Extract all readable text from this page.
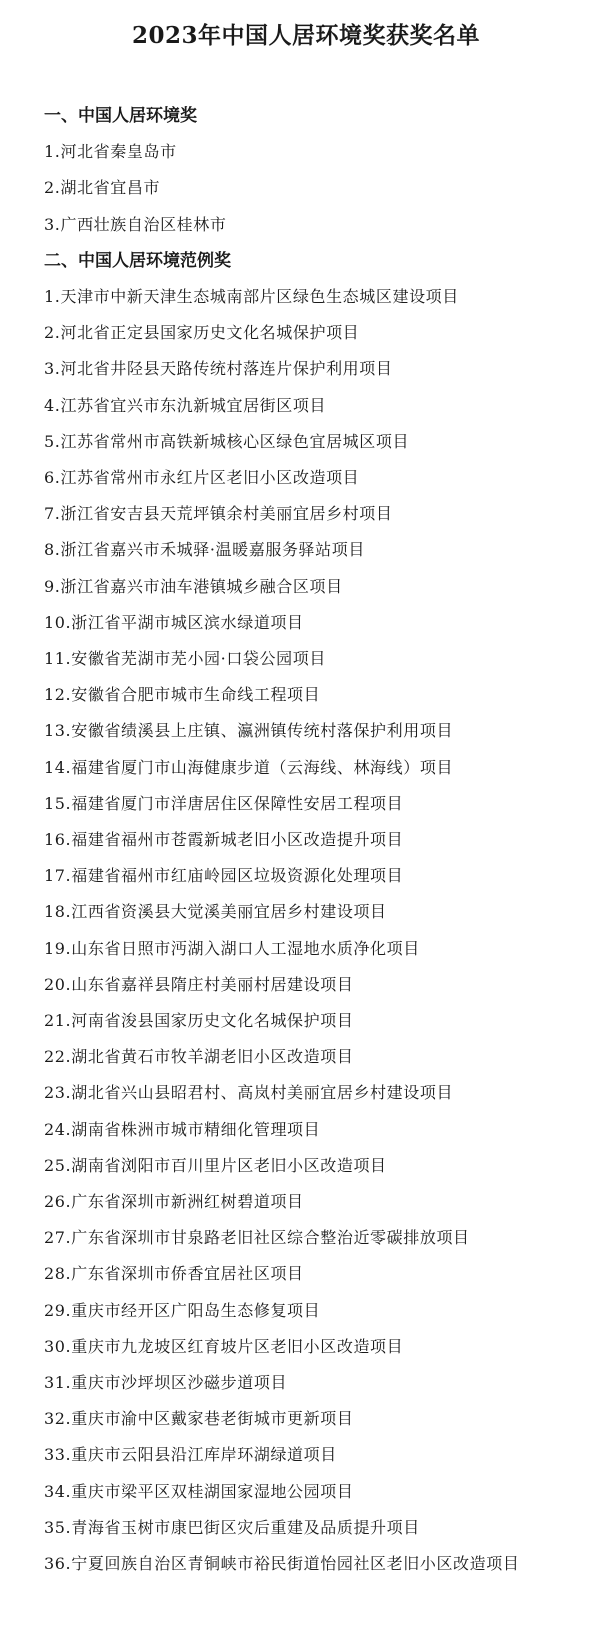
2023年中国人居环境奖获奖名单
一、中国人居环境奖
1.河北省秦皇岛市
2.湖北省宜昌市
3.广西壮族自治区桂林市
二、中国人居环境范例奖
1.天津市中新天津生态城南部片区绿色生态城区建设项目
2.河北省正定县国家历史文化名城保护项目
3.河北省井陉县天路传统村落连片保护利用项目
4.江苏省宜兴市东氿新城宜居街区项目
5.江苏省常州市高铁新城核心区绿色宜居城区项目
6.江苏省常州市永红片区老旧小区改造项目
7.浙江省安吉县天荒坪镇余村美丽宜居乡村项目
8.浙江省嘉兴市禾城驿·温暖嘉服务驿站项目
9.浙江省嘉兴市油车港镇城乡融合区项目
10.浙江省平湖市城区滨水绿道项目
11.安徽省芜湖市芜小园·口袋公园项目
12.安徽省合肥市城市生命线工程项目
13.安徽省绩溪县上庄镇、瀛洲镇传统村落保护利用项目
14.福建省厦门市山海健康步道（云海线、林海线）项目
15.福建省厦门市洋唐居住区保障性安居工程项目
16.福建省福州市苍霞新城老旧小区改造提升项目
17.福建省福州市红庙岭园区垃圾资源化处理项目
18.江西省资溪县大觉溪美丽宜居乡村建设项目
19.山东省日照市沔湖入湖口人工湿地水质净化项目
20.山东省嘉祥县隋庄村美丽村居建设项目
21.河南省浚县国家历史文化名城保护项目
22.湖北省黄石市牧羊湖老旧小区改造项目
23.湖北省兴山县昭君村、高岚村美丽宜居乡村建设项目
24.湖南省株洲市城市精细化管理项目
25.湖南省浏阳市百川里片区老旧小区改造项目
26.广东省深圳市新洲红树碧道项目
27.广东省深圳市甘泉路老旧社区综合整治近零碳排放项目
28.广东省深圳市侨香宜居社区项目
29.重庆市经开区广阳岛生态修复项目
30.重庆市九龙坡区红育坡片区老旧小区改造项目
31.重庆市沙坪坝区沙磁步道项目
32.重庆市渝中区戴家巷老街城市更新项目
33.重庆市云阳县沿江库岸环湖绿道项目
34.重庆市梁平区双桂湖国家湿地公园项目
35.青海省玉树市康巴街区灾后重建及品质提升项目
36.宁夏回族自治区青铜峡市裕民街道怡园社区老旧小区改造项目
